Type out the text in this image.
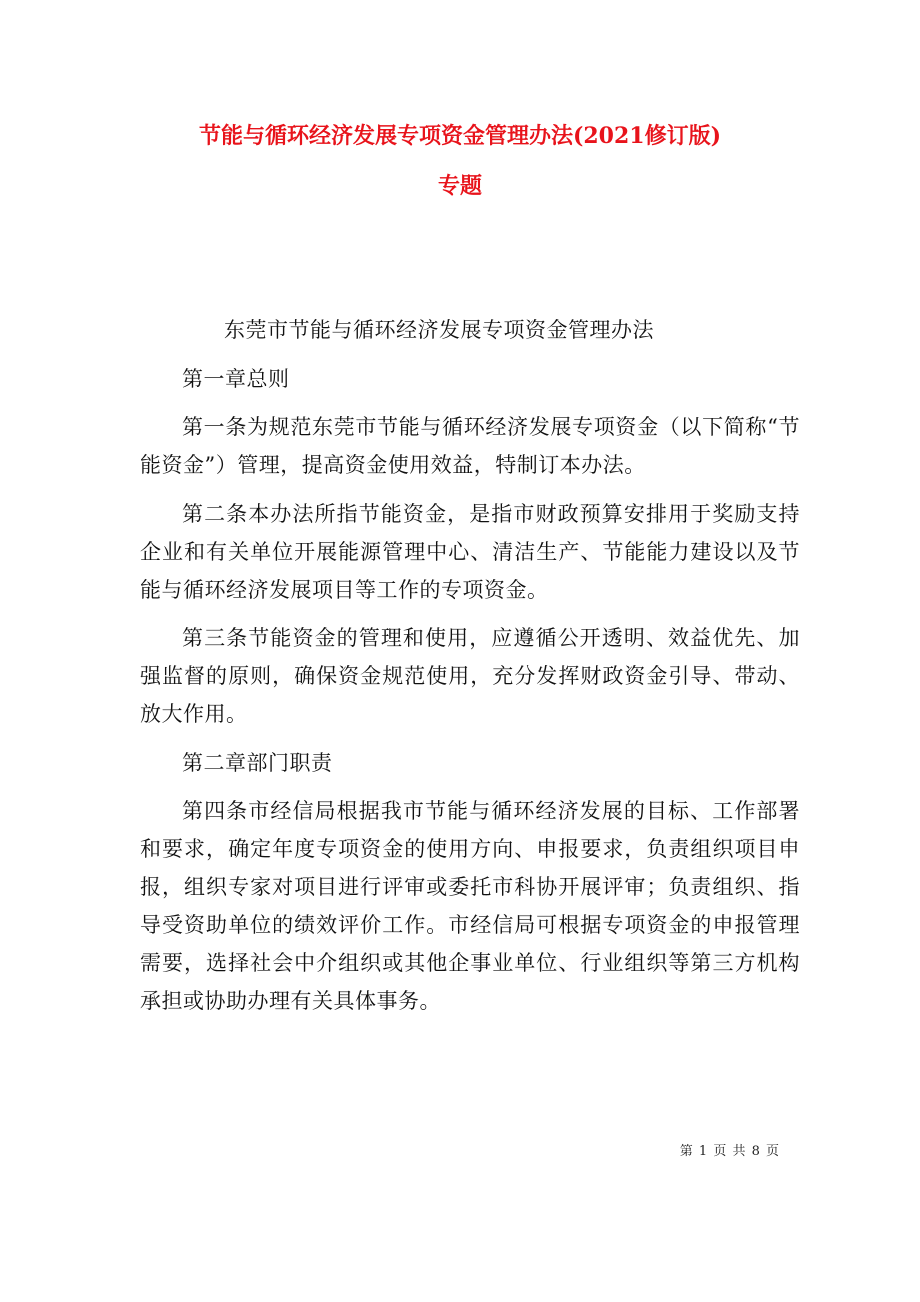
节能与循环经济发展专项资金管理办法(2021修订版)
专题

东莞市节能与循环经济发展专项资金管理办法

第一章总则

第一条为规范东莞市节能与循环经济发展专项资金（以下简称“节能资金”）管理，提高资金使用效益，特制订本办法。

第二条本办法所指节能资金，是指市财政预算安排用于奖励支持企业和有关单位开展能源管理中心、清洁生产、节能能力建设以及节能与循环经济发展项目等工作的专项资金。

第三条节能资金的管理和使用，应遵循公开透明、效益优先、加强监督的原则，确保资金规范使用，充分发挥财政资金引导、带动、放大作用。

第二章部门职责

第四条市经信局根据我市节能与循环经济发展的目标、工作部署和要求，确定年度专项资金的使用方向、申报要求，负责组织项目申报，组织专家对项目进行评审或委托市科协开展评审；负责组织、指导受资助单位的绩效评价工作。市经信局可根据专项资金的申报管理需要，选择社会中介组织或其他企事业单位、行业组织等第三方机构承担或协助办理有关具体事务。

第 1 页 共 8 页
